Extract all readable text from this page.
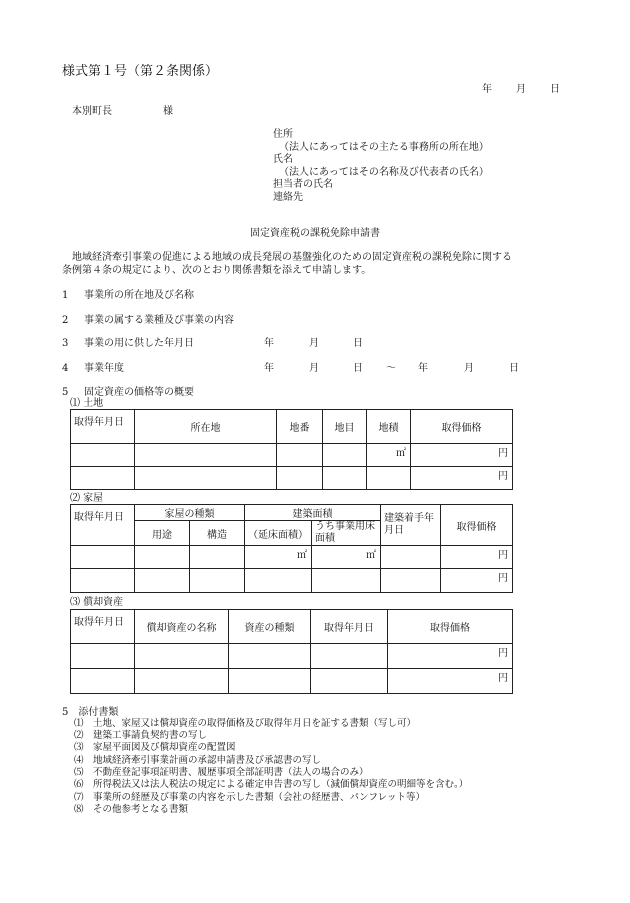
様式第１号（第２条関係）
年 月 日
本別町長	様
住所
（法人にあってはその主たる事務所の所在地）
氏名
（法人にあってはその名称及び代表者の氏名）
担当者の氏名
連絡先
固定資産税の課税免除申請書
地域経済牽引事業の促進による地域の成長発展の基盤強化のための固定資産税の課税免除に関する
条例第４条の規定により、次のとおり関係書類を添えて申請します。
1 事業所の所在地及び名称
2 事業の属する業種及び事業の内容
3 事業の用に供した年月日	年	月	日
4 事業年度	年	月	日 ～ 年	月	日
5 固定資産の価格等の概要
⑴ 土地
取得年月日	所在地	地番	地目	地積	取得価格
				㎡	円
					円
⑵ 家屋
取得年月日	家屋の種類		建築面積		建築着手年月日	取得価格
	用途	構造	（延床面積）	うち事業用床面積		
			㎡	㎡		円
						円
⑶ 償却資産
取得年月日	償却資産の名称	資産の種類	取得年月日	取得価格
				円
				円
5　添付書類
⑴　土地、家屋又は償却資産の取得価格及び取得年月日を証する書類（写し可）
⑵　建築工事請負契約書の写し
⑶　家屋平面図及び償却資産の配置図
⑷　地域経済牽引事業計画の承認申請書及び承認書の写し
⑸　不動産登記事項証明書、履歴事項全部証明書（法人の場合のみ）
⑹　所得税法又は法人税法の規定による確定申告書の写し（減価償却資産の明細等を含む。）
⑺　事業所の経歴及び事業の内容を示した書類（会社の経歴書、パンフレット等）
⑻　その他参考となる書類
